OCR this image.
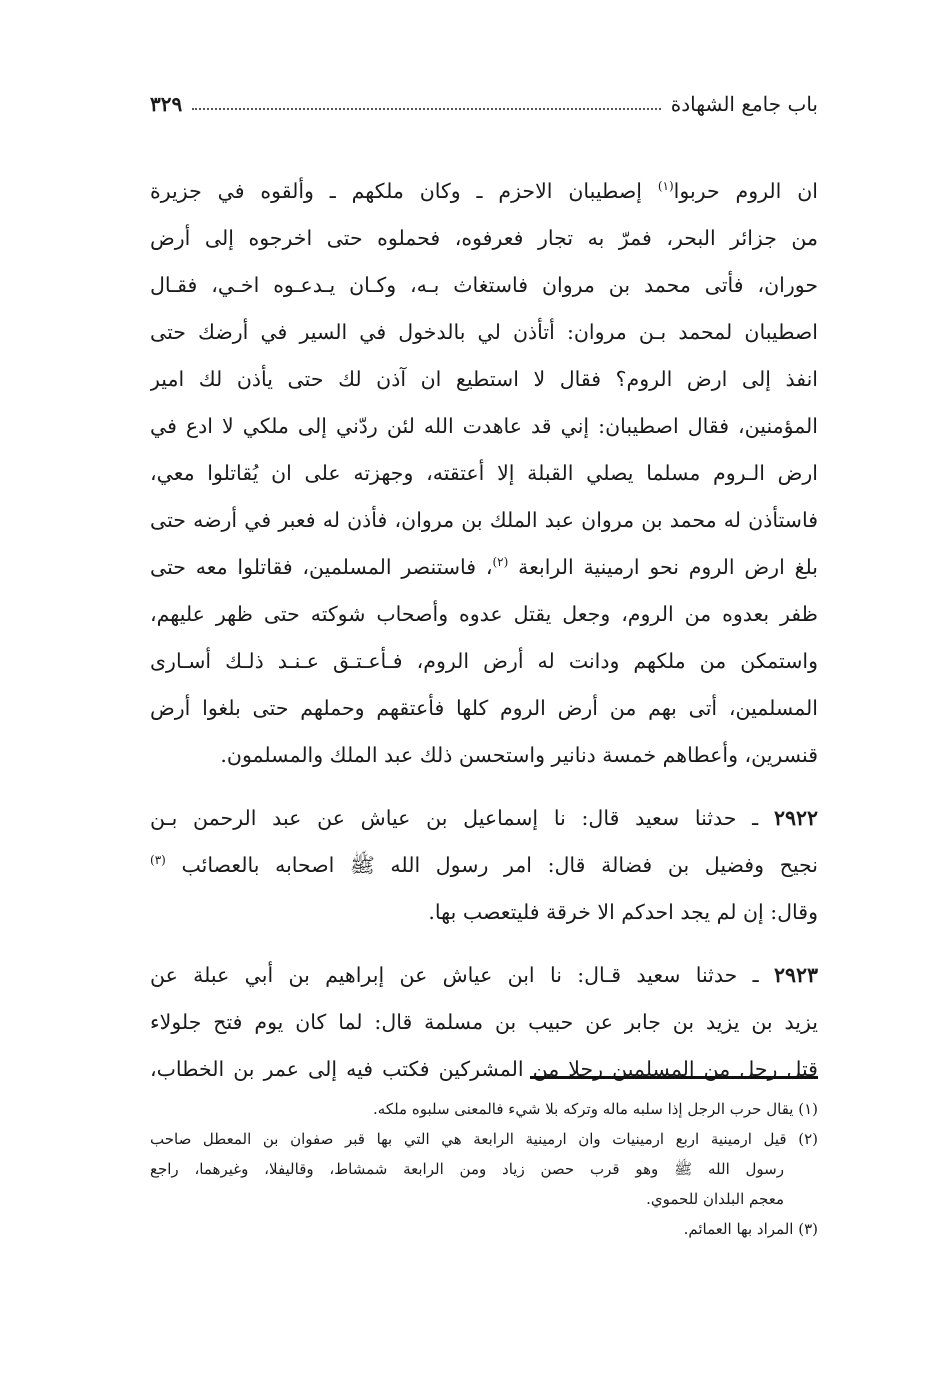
باب جامع الشهادة
٣٢٩
ان الروم حربوا$^{(١)}$ إصطيبان الاحزم ـ وكان ملكهم ـ وألقوه في جزيرة
من جزائر البحر، فمرّ به تجار فعرفوه، فحملوه حتى اخرجوه إلى أرض
حوران، فأتى محمد بن مروان فاستغاث بـه، وكـان يـدعـوه اخـي، فقـال
اصطيبان لمحمد بـن مروان: أتأذن لي بالدخول في السير في أرضك حتى
انفذ إلى ارض الروم؟ فقال لا استطيع ان آذن لك حتى يأذن لك امير
المؤمنين، فقال اصطيبان: إني قد عاهدت الله لئن ردّني إلى ملكي لا ادع في
ارض الـروم مسلما يصلي القبلة إلا أعتقته، وجهزته على ان يُقاتلوا معي،
فاستأذن له محمد بن مروان عبد الملك بن مروان، فأذن له فعبر في أرضه حتى
بلغ ارض الروم نحو ارمينية الرابعة $^{(٢)}$، فاستنصر المسلمين، فقاتلوا معه حتى
ظفر بعدوه من الروم، وجعل يقتل عدوه وأصحاب شوكته حتى ظهر عليهم،
واستمكن من ملكهم ودانت له أرض الروم، فـأعـتـق عـنـد ذلـك أسـارى
المسلمين، أتى بهم من أرض الروم كلها فأعتقهم وحملهم حتى بلغوا أرض
قنسرين، وأعطاهم خمسة دنانير واستحسن ذلك عبد الملك والمسلمون.
٢٩٢٢ ـ حدثنا سعيد قال: نا إسماعيل بن عياش عن عبد الرحمن بـن
نجيح وفضيل بن فضالة قال: امر رسول الله ﷺ اصحابه بالعصائب $^{(٣)}$
وقال: إن لم يجد احدكم الا خرقة فليتعصب بها.
٢٩٢٣ ـ حدثنا سعيد قـال: نا ابن عياش عن إبراهيم بن أبي عبلة عن
يزيد بن يزيد بن جابر عن حبيب بن مسلمة قال: لما كان يوم فتح جلولاء
قتل رجل من المسلمين رجلا من المشركين فكتب فيه إلى عمر بن الخطاب،
(١) يقال حرب الرجل إذا سلبه ماله وتركه بلا شيء فالمعنى سلبوه ملكه.
(٢) قيل ارمينية اربع ارمينيات وان ارمينية الرابعة هي التي بها قبر صفوان بن المعطل صاحب
رسول الله ﷺ وهو قرب حصن زياد ومن الرابعة شمشاط، وقاليفلا، وغيرهما، راجع
معجم البلدان للحموي.
(٣) المراد بها العمائم.
